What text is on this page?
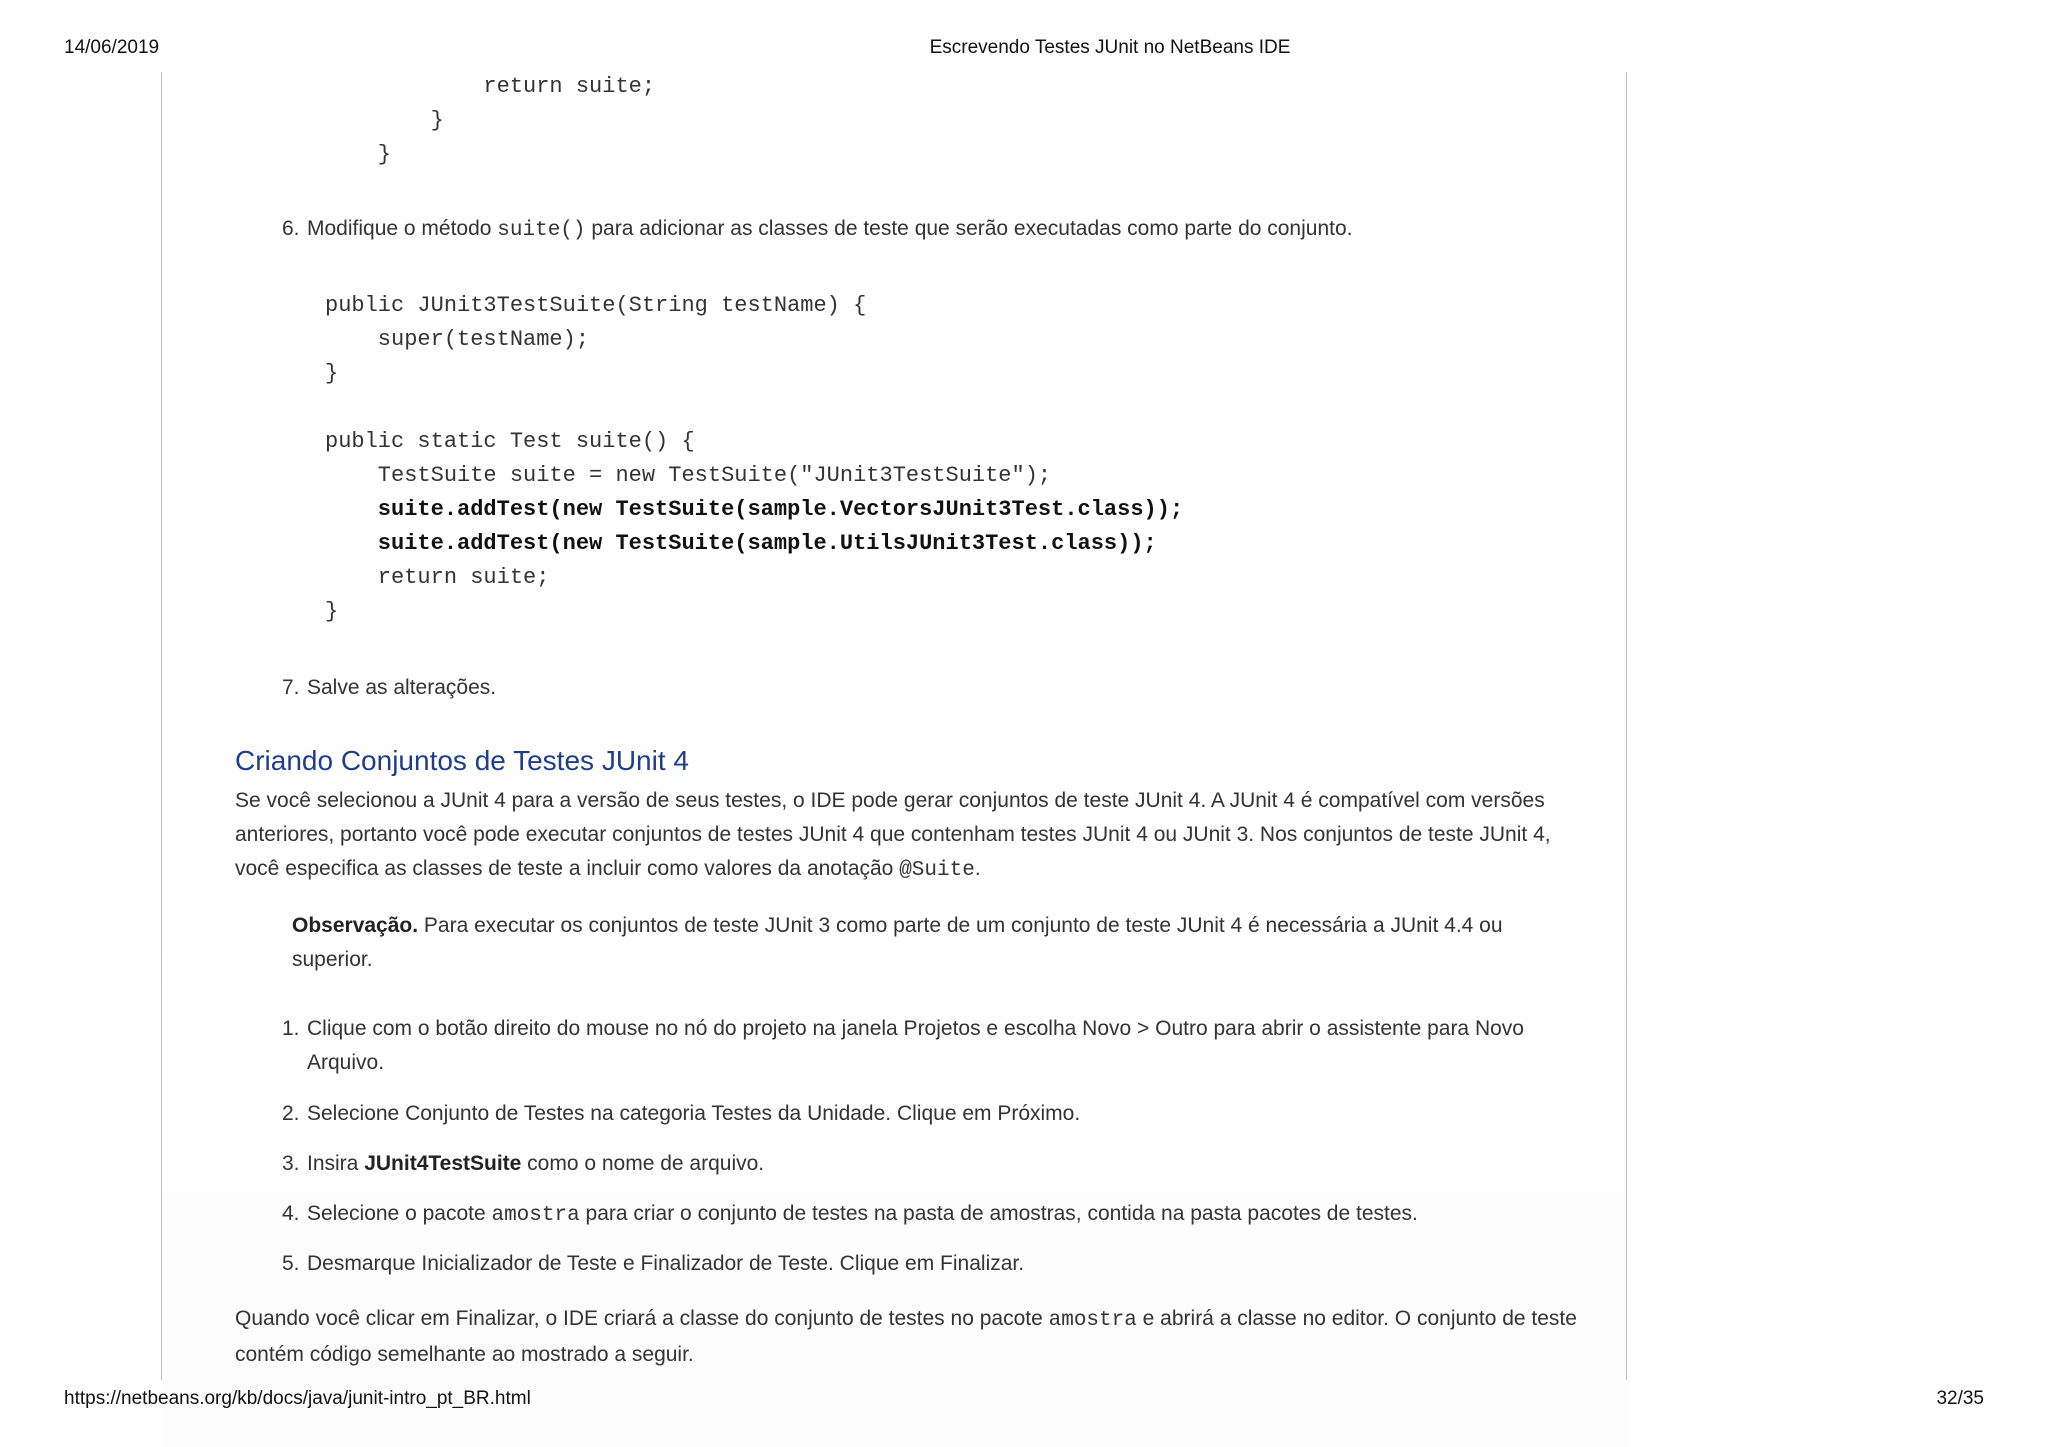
14/06/2019	Escrevendo Testes JUnit no NetBeans IDE
return suite;
}
}
6. Modifique o método suite() para adicionar as classes de teste que serão executadas como parte do conjunto.
public JUnit3TestSuite(String testName) {
super(testName);
}

public static Test suite() {
TestSuite suite = new TestSuite("JUnit3TestSuite");
suite.addTest(new TestSuite(sample.VectorsJUnit3Test.class));
suite.addTest(new TestSuite(sample.UtilsJUnit3Test.class));
return suite;
}
7. Salve as alterações.
Criando Conjuntos de Testes JUnit 4
Se você selecionou a JUnit 4 para a versão de seus testes, o IDE pode gerar conjuntos de teste JUnit 4. A JUnit 4 é compatível com versões anteriores, portanto você pode executar conjuntos de testes JUnit 4 que contenham testes JUnit 4 ou JUnit 3. Nos conjuntos de teste JUnit 4, você especifica as classes de teste a incluir como valores da anotação @Suite.
Observação. Para executar os conjuntos de teste JUnit 3 como parte de um conjunto de teste JUnit 4 é necessária a JUnit 4.4 ou superior.
1. Clique com o botão direito do mouse no nó do projeto na janela Projetos e escolha Novo > Outro para abrir o assistente para Novo Arquivo.
2. Selecione Conjunto de Testes na categoria Testes da Unidade. Clique em Próximo.
3. Insira JUnit4TestSuite como o nome de arquivo.
4. Selecione o pacote amostra para criar o conjunto de testes na pasta de amostras, contida na pasta pacotes de testes.
5. Desmarque Inicializador de Teste e Finalizador de Teste. Clique em Finalizar.
Quando você clicar em Finalizar, o IDE criará a classe do conjunto de testes no pacote amostra e abrirá a classe no editor. O conjunto de teste contém código semelhante ao mostrado a seguir.
https://netbeans.org/kb/docs/java/junit-intro_pt_BR.html	32/35
